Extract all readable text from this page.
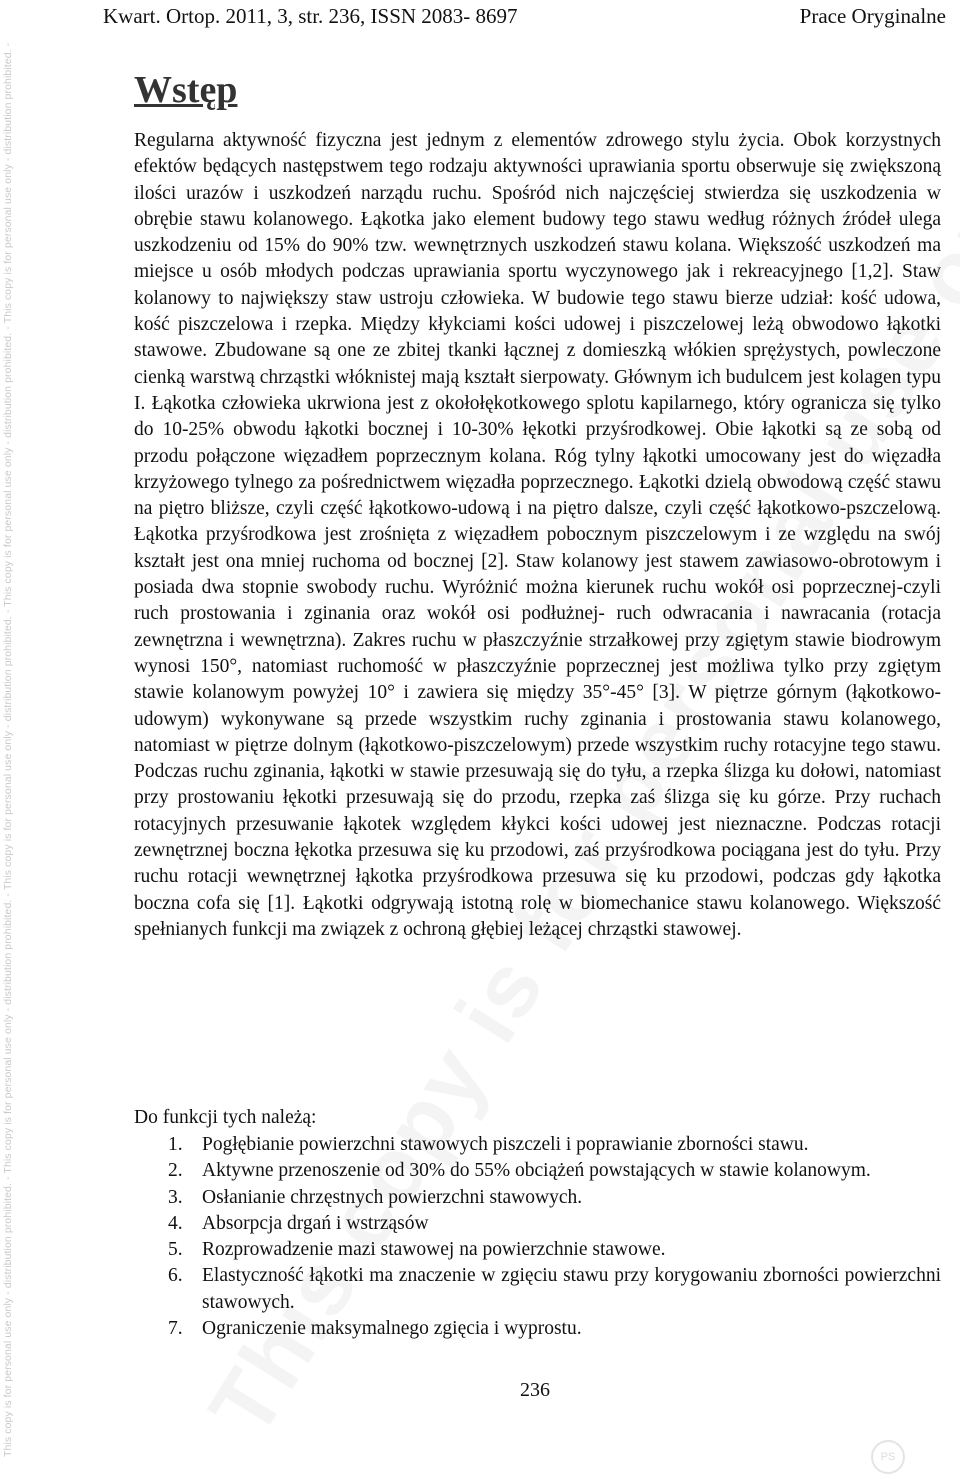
Kwart. Ortop. 2011, 3, str. 236, ISSN 2083- 8697	Prace Oryginalne
This copy is for personal use only - distribution prohibited. - This copy is for personal use only - distribution prohibited. - This copy is for personal use only - distribution prohibited. - This copy is for personal use only - distribution prohibited. - This copy is for personal use only - distribution prohibited. -	Wstęp

Regularna aktywność fizyczna jest jednym z elementów zdrowego stylu życia. Obok korzystnych efektów będących następstwem tego rodzaju aktywności uprawiania sportu obserwuje się zwiększoną ilości urazów i uszkodzeń narządu ruchu. Spośród nich najczęściej stwierdza się uszkodzenia w obrębie stawu kolanowego. Łąkotka jako element budowy tego stawu według różnych źródeł ulega uszkodzeniu od 15% do 90% tzw. wewnętrznych uszkodzeń stawu kolana. Większość uszkodzeń ma miejsce u osób młodych podczas uprawiania sportu wyczynowego jak i rekreacyjnego [1,2]. Staw kolanowy to największy staw ustroju człowieka. W budowie tego stawu bierze udział: kość udowa, kość piszczelowa i rzepka. Między kłykciami kości udowej i piszczelowej leżą obwodowo łąkotki stawowe. Zbudowane są one ze zbitej tkanki łącznej z domieszką włókien sprężystych, powleczone cienką warstwą chrząstki włóknistej mają kształt sierpowaty. Głównym ich budulcem jest kolagen typu I. Łąkotka człowieka ukrwiona jest z okołołękotkowego splotu kapilarnego, który ogranicza się tylko do 10-25% obwodu łąkotki bocznej i 10-30% łękotki przyśrodkowej. Obie łąkotki są ze sobą od przodu połączone więzadłem poprzecznym kolana. Róg tylny łąkotki umocowany jest do więzadła krzyżowego tylnego za pośrednictwem więzadła poprzecznego. Łąkotki dzielą obwodową część stawu na piętro bliższe, czyli część łąkotkowo-udową i na piętro dalsze, czyli część łąkotkowo-pszczelową. Łąkotka przyśrodkowa jest zrośnięta z więzadłem pobocznym piszczelowym i ze względu na swój kształt jest ona mniej ruchoma od bocznej [2]. Staw kolanowy jest stawem zawiasowo-obrotowym i posiada dwa stopnie swobody ruchu. Wyróżnić można kierunek ruchu wokół osi poprzecznej-czyli ruch prostowania i zginania oraz wokół osi podłużnej- ruch odwracania i nawracania (rotacja zewnętrzna i wewnętrzna). Zakres ruchu w płaszczyźnie strzałkowej przy zgiętym stawie biodrowym wynosi 150°, natomiast ruchomość w płaszczyźnie poprzecznej jest możliwa tylko przy zgiętym stawie kolanowym powyżej 10° i zawiera się między 35°-45° [3]. W piętrze górnym (łąkotkowo-udowym) wykonywane są przede wszystkim ruchy zginania i prostowania stawu kolanowego, natomiast w piętrze dolnym (łąkotkowo-piszczelowym) przede wszystkim ruchy rotacyjne tego stawu. Podczas ruchu zginania, łąkotki w stawie przesuwają się do tyłu, a rzepka ślizga ku dołowi, natomiast przy prostowaniu łękotki przesuwają się do przodu, rzepka zaś ślizga się ku górze. Przy ruchach rotacyjnych przesuwanie łąkotek względem kłykci kości udowej jest nieznaczne. Podczas rotacji zewnętrznej boczna łękotka przesuwa się ku przodowi, zaś przyśrodkowa pociągana jest do tyłu. Przy ruchu rotacji wewnętrznej łąkotka przyśrodkowa przesuwa się ku przodowi, podczas gdy łąkotka boczna cofa się [1]. Łąkotki odgrywają istotną rolę w biomechanice stawu kolanowego. Większość spełnianych funkcji ma związek z ochroną głębiej leżącej chrząstki stawowej.

Do funkcji tych należą:

1. Pogłębianie powierzchni stawowych piszczeli i poprawianie zborności stawu.
2. Aktywne przenoszenie od 30% do 55% obciążeń powstających w stawie kolanowym.
3. Osłanianie chrzęstnych powierzchni stawowych.
4. Absorpcja drgań i wstrząsów
5. Rozprowadzenie mazi stawowej na powierzchnie stawowe.
6. Elastyczność łąkotki ma znaczenie w zgięciu stawu przy korygowaniu zborności powierzchni stawowych.
7. Ograniczenie maksymalnego zgięcia i wyprostu.
236
PS
